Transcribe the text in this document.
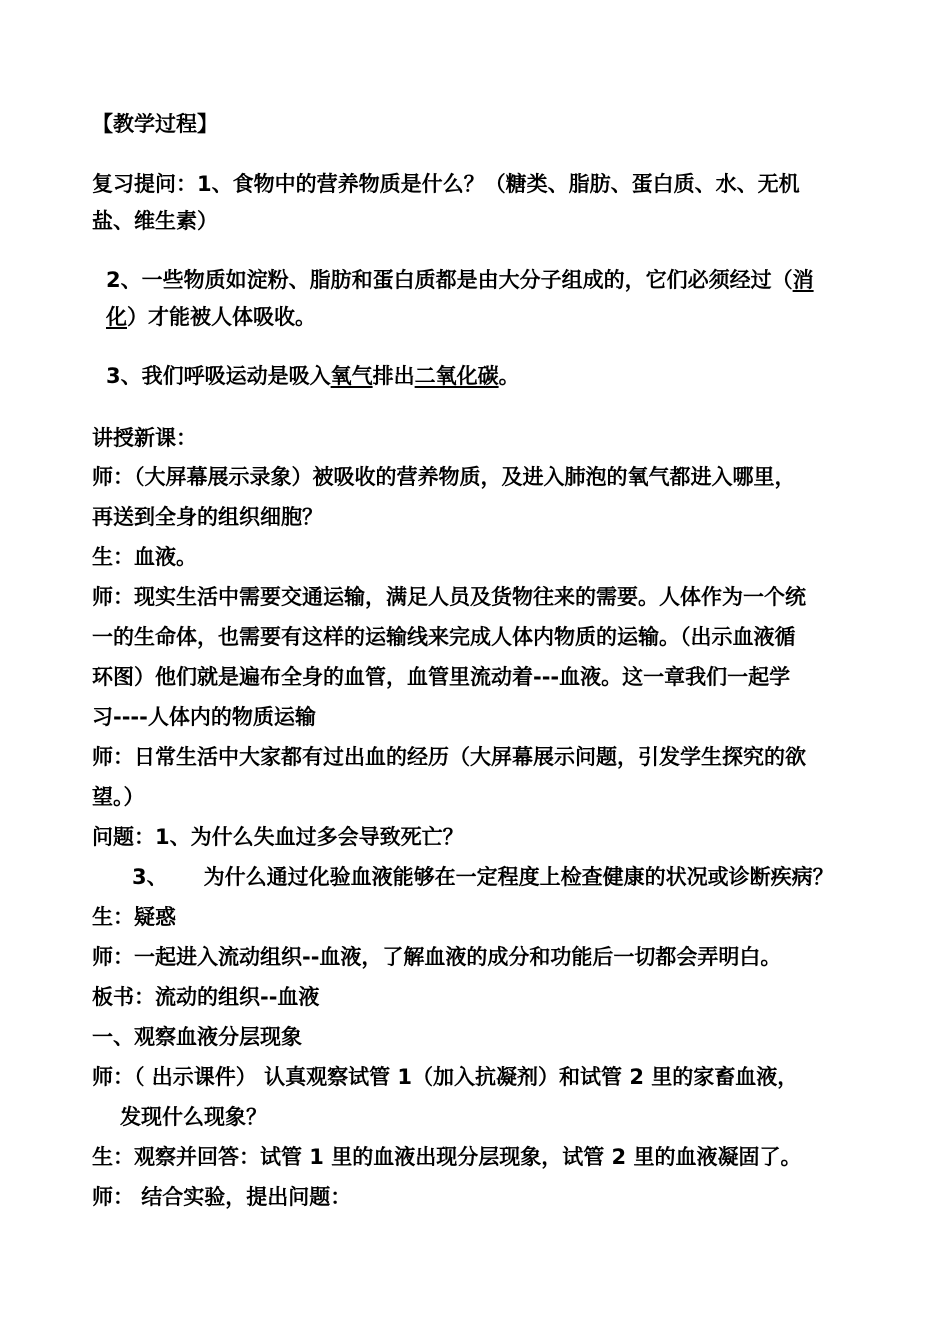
【教学过程】
复习提问：1、食物中的营养物质是什么？（糖类、脂肪、蛋白质、水、无机
盐、维生素）
2、一些物质如淀粉、脂肪和蛋白质都是由大分子组成的，它们必须经过（消
化）才能被人体吸收。
3、我们呼吸运动是吸入氧气排出二氧化碳。
讲授新课：
师：（大屏幕展示录象）被吸收的营养物质，及进入肺泡的氧气都进入哪里，
再送到全身的组织细胞？
生：血液。
师：现实生活中需要交通运输，满足人员及货物往来的需要。人体作为一个统
一的生命体，也需要有这样的运输线来完成人体内物质的运输。（出示血液循
环图）他们就是遍布全身的血管，血管里流动着---血液。这一章我们一起学
习----人体内的物质运输
师：日常生活中大家都有过出血的经历（大屏幕展示问题，引发学生探究的欲
望。）
问题：1、为什么失血过多会导致死亡？
3、 为什么通过化验血液能够在一定程度上检查健康的状况或诊断疾病？
生：疑惑
师：一起进入流动组织--血液，了解血液的成分和功能后一切都会弄明白。
板书：流动的组织--血液
一、观察血液分层现象
师：（ 出示课件） 认真观察试管 1（加入抗凝剂）和试管 2 里的家畜血液，
发现什么现象？
生：观察并回答：试管 1 里的血液出现分层现象，试管 2 里的血液凝固了。
师： 结合实验，提出问题：
